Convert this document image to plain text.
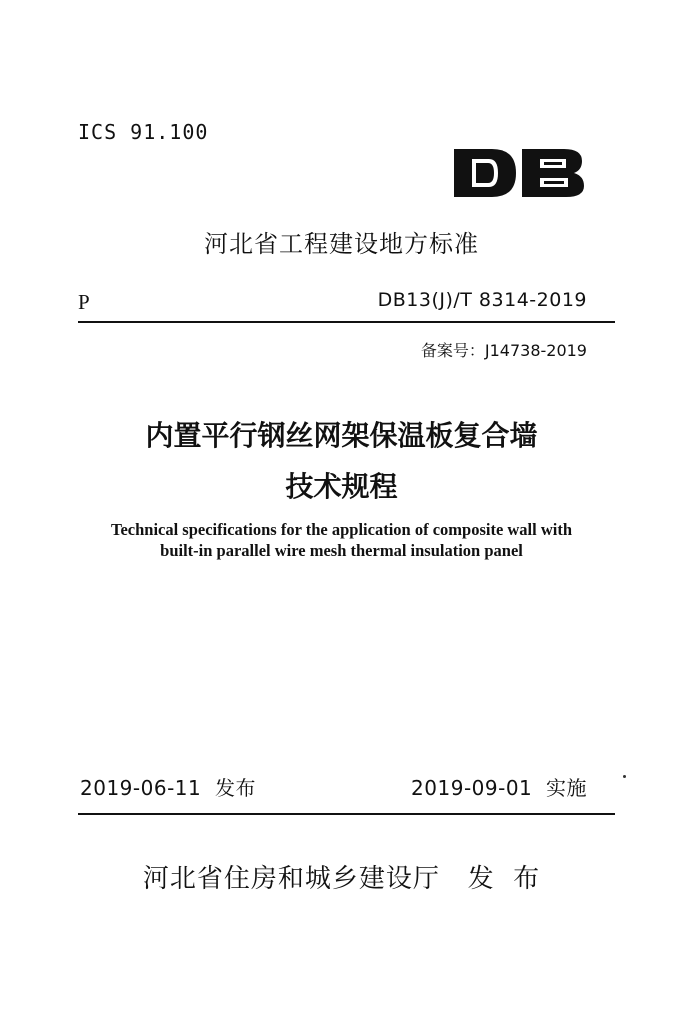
ICS 91.100
河北省工程建设地方标准
P	DB13(J)/T 8314-2019
备案号：J14738-2019
内置平行钢丝网架保温板复合墙
技术规程
Technical specifications for the application of composite wall with
built-in parallel wire mesh thermal insulation panel
2019-06-11  发布	2019-09-01  实施
河北省住房和城乡建设厅 发  布
